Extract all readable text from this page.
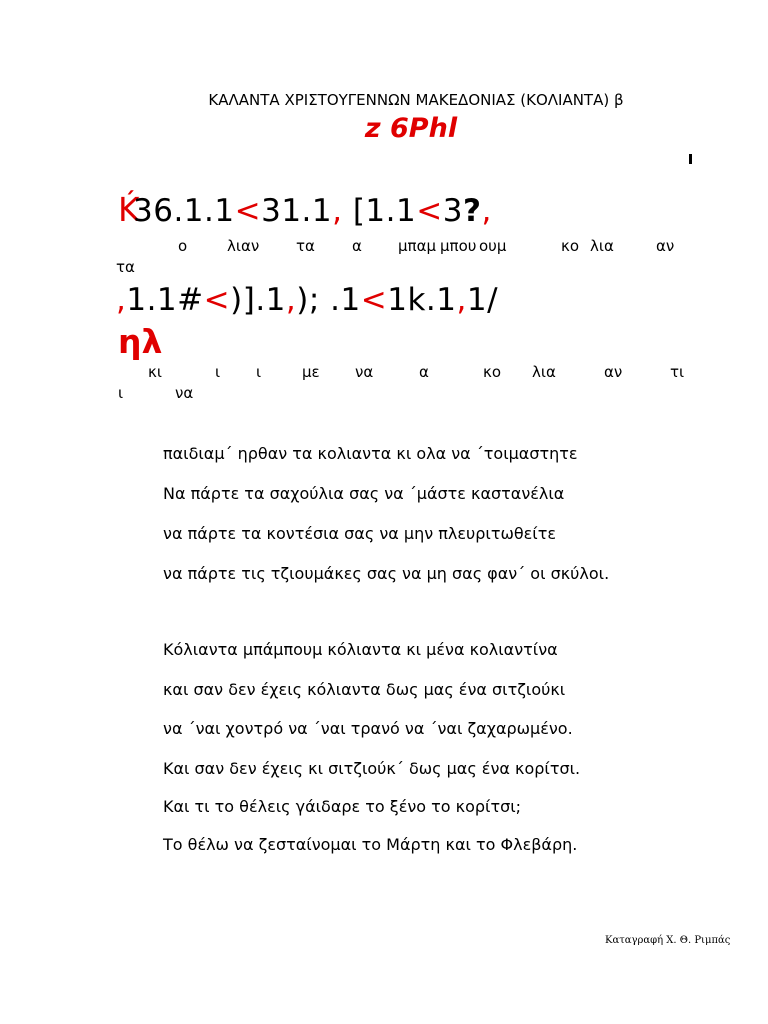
ΚΑΛΑΝΤΑ ΧΡΙΣΤΟΥΓΕΝΝΩΝ ΜΑΚΕΔΟΝΙΑΣ (ΚΟΛΙΑΝΤΑ) β
z 6Phl
Ḱ
36.1.1<31.1, [1.1<3?,
ο	λιαν τα α μπαμ μπου ουμ	κο λια	αν
τα
,1.1#<)].1,); .1<1k.1,1/
ηλ
κι	ι ι	με να	α	κο λια	αν	τι
ι	να
παιδιαμ΄ ηρθαν τα κολιαντα κι ολα να ΄τοιμαστητε
Να πάρτε τα σαχούλια σας να ΄μάστε καστανέλια
να πάρτε τα κοντέσια σας να μην πλευριτωθείτε
να πάρτε τις τζιουμάκες σας να μη σας φαν΄ οι σκύλοι.
Κόλιαντα μπάμπουμ κόλιαντα κι μένα κολιαντίνα
και σαν δεν έχεις κόλιαντα δως μας ένα σιτζιούκι
να ΄ναι χοντρό να ΄ναι τρανό να ΄ναι ζαχαρωμένο.
Και σαν δεν έχεις κι σιτζιούκ΄ δως μας ένα κορίτσι.
Και τι το θέλεις γάιδαρε το ξένο το κορίτσι;
Το θέλω να ζεσταίνομαι το Μάρτη και το Φλεβάρη.
Καταγραφή Χ. Θ. Ριμπάς
